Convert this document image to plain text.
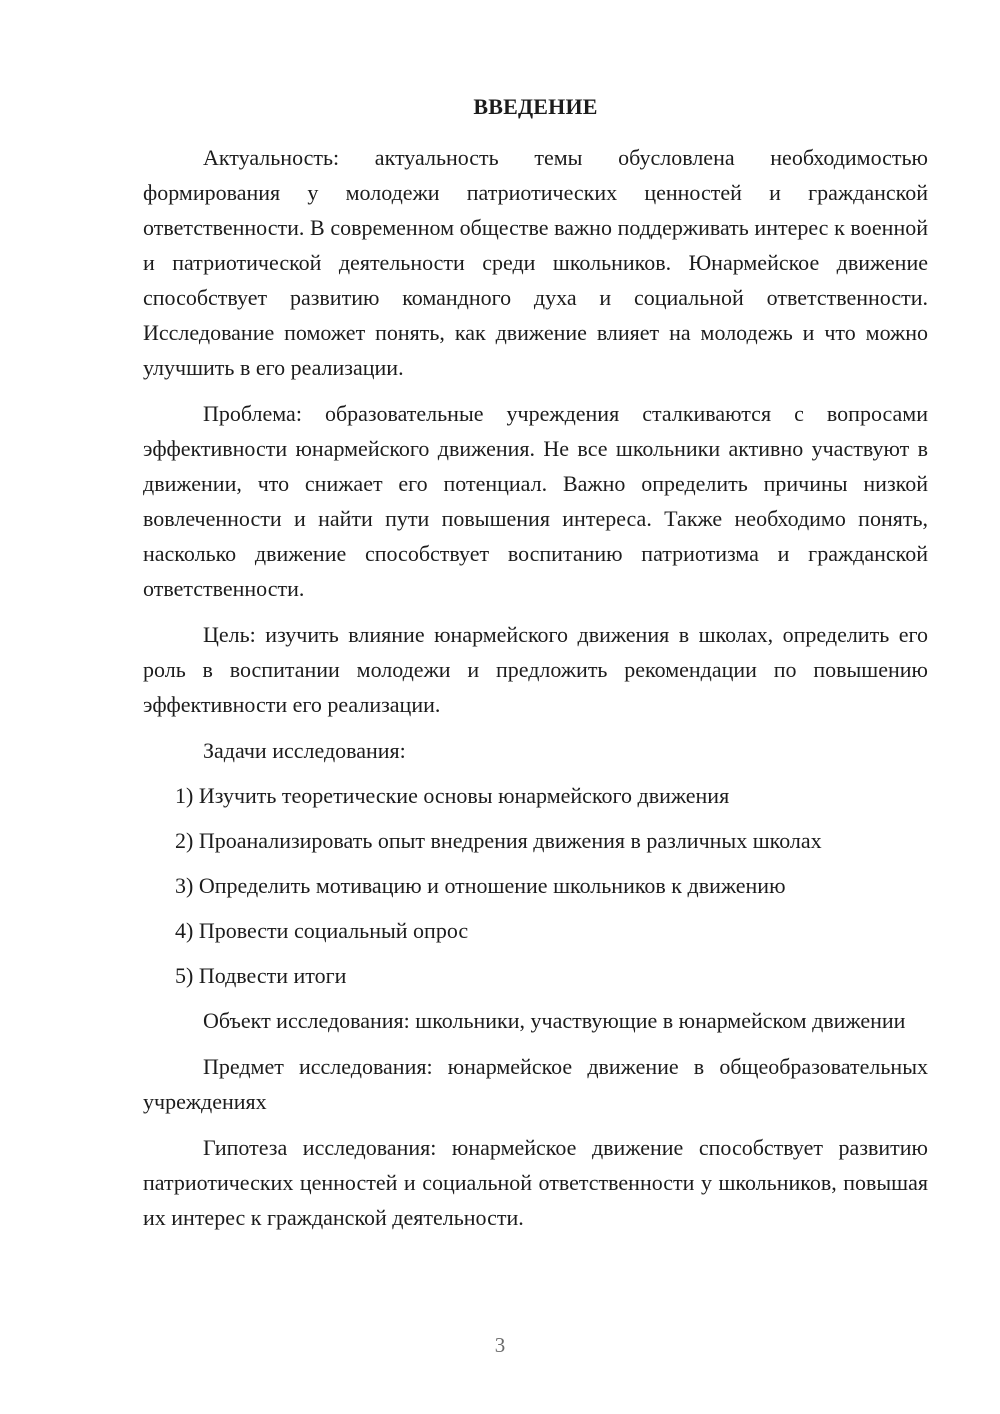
ВВЕДЕНИЕ

Актуальность: актуальность темы обусловлена необходимостью формирования у молодежи патриотических ценностей и гражданской ответственности. В современном обществе важно поддерживать интерес к военной и патриотической деятельности среди школьников. Юнармейское движение способствует развитию командного духа и социальной ответственности. Исследование поможет понять, как движение влияет на молодежь и что можно улучшить в его реализации.

Проблема: образовательные учреждения сталкиваются с вопросами эффективности юнармейского движения. Не все школьники активно участвуют в движении, что снижает его потенциал. Важно определить причины низкой вовлеченности и найти пути повышения интереса. Также необходимо понять, насколько движение способствует воспитанию патриотизма и гражданской ответственности.

Цель: изучить влияние юнармейского движения в школах, определить его роль в воспитании молодежи и предложить рекомендации по повышению эффективности его реализации.

Задачи исследования:
1) Изучить теоретические основы юнармейского движения
2) Проанализировать опыт внедрения движения в различных школах
3) Определить мотивацию и отношение школьников к движению
4) Провести социальный опрос
5) Подвести итоги

Объект исследования: школьники, участвующие в юнармейском движении

Предмет исследования: юнармейское движение в общеобразовательных учреждениях

Гипотеза исследования: юнармейское движение способствует развитию патриотических ценностей и социальной ответственности у школьников, повышая их интерес к гражданской деятельности.

3
